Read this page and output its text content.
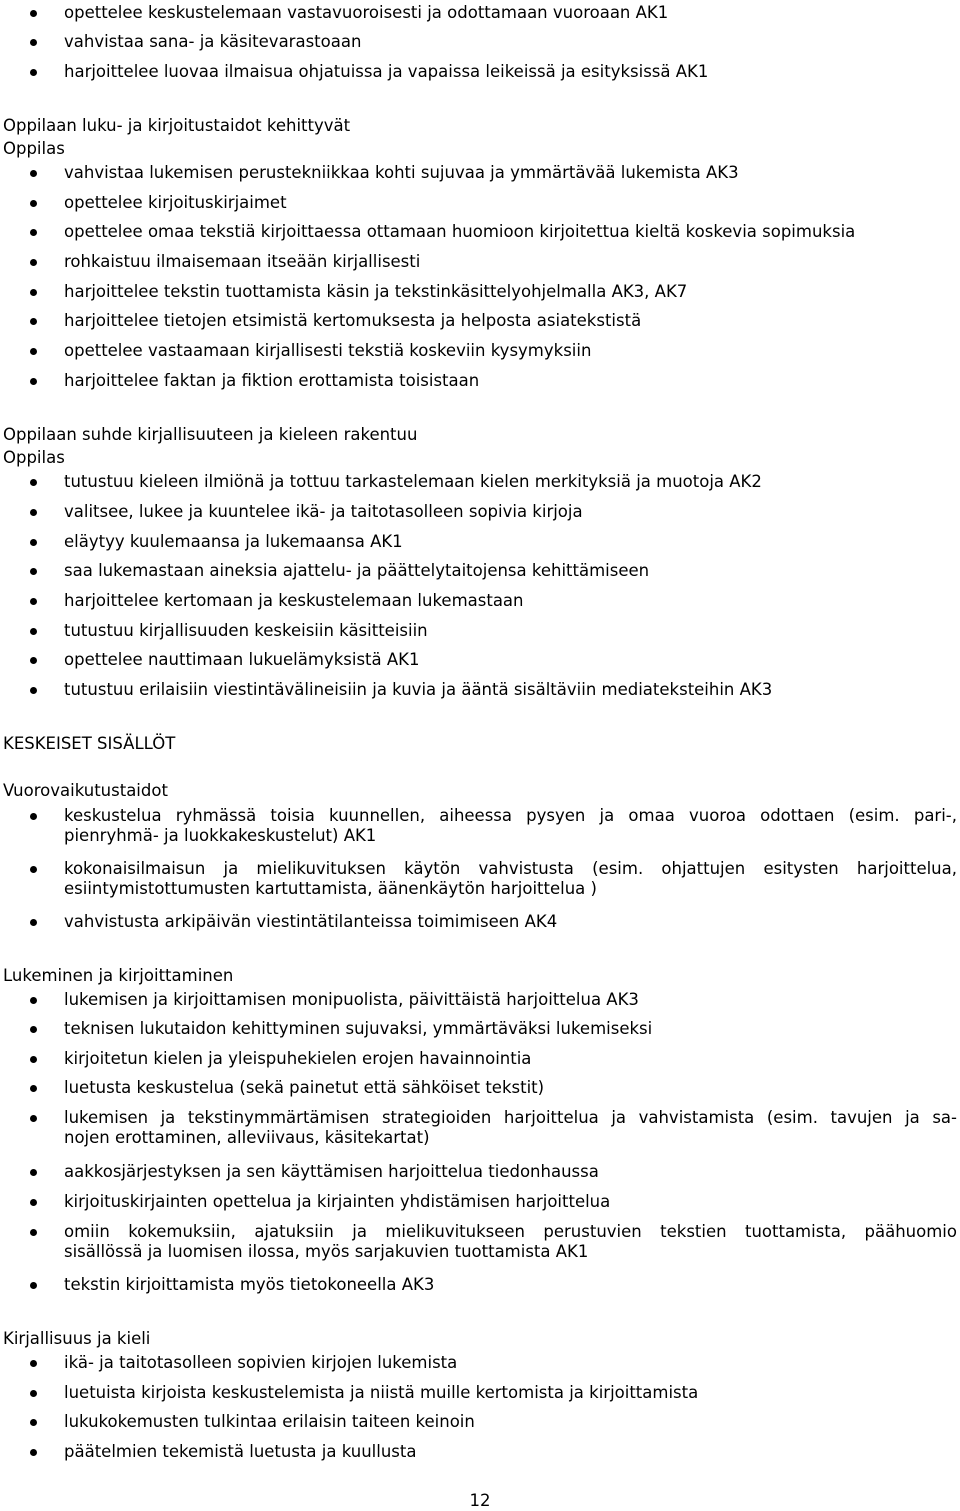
opettelee keskustelemaan vastavuoroisesti ja odottamaan vuoroaan AK1
vahvistaa sana- ja käsitevarastoaan
harjoittelee luovaa ilmaisua ohjatuissa ja vapaissa leikeissä ja esityksissä AK1
Oppilaan luku- ja kirjoitustaidot kehittyvät
Oppilas
vahvistaa lukemisen perustekniikkaa kohti sujuvaa ja ymmärtävää lukemista AK3
opettelee kirjoituskirjaimet
opettelee omaa tekstiä kirjoittaessa ottamaan huomioon kirjoitettua kieltä koskevia sopimuksia
rohkaistuu ilmaisemaan itseään kirjallisesti
harjoittelee tekstin tuottamista käsin ja tekstinkäsittelyohjelmalla AK3, AK7
harjoittelee tietojen etsimistä kertomuksesta ja helposta asiatekstistä
opettelee vastaamaan kirjallisesti tekstiä koskeviin kysymyksiin
harjoittelee faktan ja fiktion erottamista toisistaan
Oppilaan suhde kirjallisuuteen ja kieleen rakentuu
Oppilas
tutustuu kieleen ilmiönä ja tottuu tarkastelemaan kielen merkityksiä ja muotoja AK2
valitsee, lukee ja kuuntelee ikä- ja taitotasolleen sopivia kirjoja
eläytyy kuulemaansa ja lukemaansa AK1
saa lukemastaan aineksia ajattelu- ja päättelytaitojensa kehittämiseen
harjoittelee kertomaan ja keskustelemaan lukemastaan
tutustuu kirjallisuuden keskeisiin käsitteisiin
opettelee nauttimaan lukuelämyksistä AK1
tutustuu erilaisiin viestintävälineisiin ja kuvia ja ääntä sisältäviin mediateksteihin AK3
KESKEISET SISÄLLÖT
Vuorovaikutustaidot
keskustelua ryhmässä toisia kuunnellen, aiheessa pysyen ja omaa vuoroa odottaen (esim. pari-,
pienryhmä- ja luokkakeskustelut) AK1
kokonaisilmaisun ja mielikuvituksen käytön vahvistusta (esim. ohjattujen esitysten harjoittelua,
esiintymistottumusten kartuttamista, äänenkäytön harjoittelua )
vahvistusta arkipäivän viestintätilanteissa toimimiseen AK4
Lukeminen ja kirjoittaminen
lukemisen ja kirjoittamisen monipuolista, päivittäistä harjoittelua AK3
teknisen lukutaidon kehittyminen sujuvaksi, ymmärtäväksi lukemiseksi
kirjoitetun kielen ja yleispuhekielen erojen havainnointia
luetusta keskustelua (sekä painetut että sähköiset tekstit)
lukemisen ja tekstinymmärtämisen strategioiden harjoittelua ja vahvistamista (esim. tavujen ja sa-
nojen erottaminen, alleviivaus, käsitekartat)
aakkosjärjestyksen ja sen käyttämisen harjoittelua tiedonhaussa
kirjoituskirjainten opettelua ja kirjainten yhdistämisen harjoittelua
omiin kokemuksiin, ajatuksiin ja mielikuvitukseen perustuvien tekstien tuottamista, päähuomio
sisällössä ja luomisen ilossa, myös sarjakuvien tuottamista AK1
tekstin kirjoittamista myös tietokoneella AK3
Kirjallisuus ja kieli
ikä- ja taitotasolleen sopivien kirjojen lukemista
luetuista kirjoista keskustelemista ja niistä muille kertomista ja kirjoittamista
lukukokemusten tulkintaa erilaisin taiteen keinoin
päätelmien tekemistä luetusta ja kuullusta
12
